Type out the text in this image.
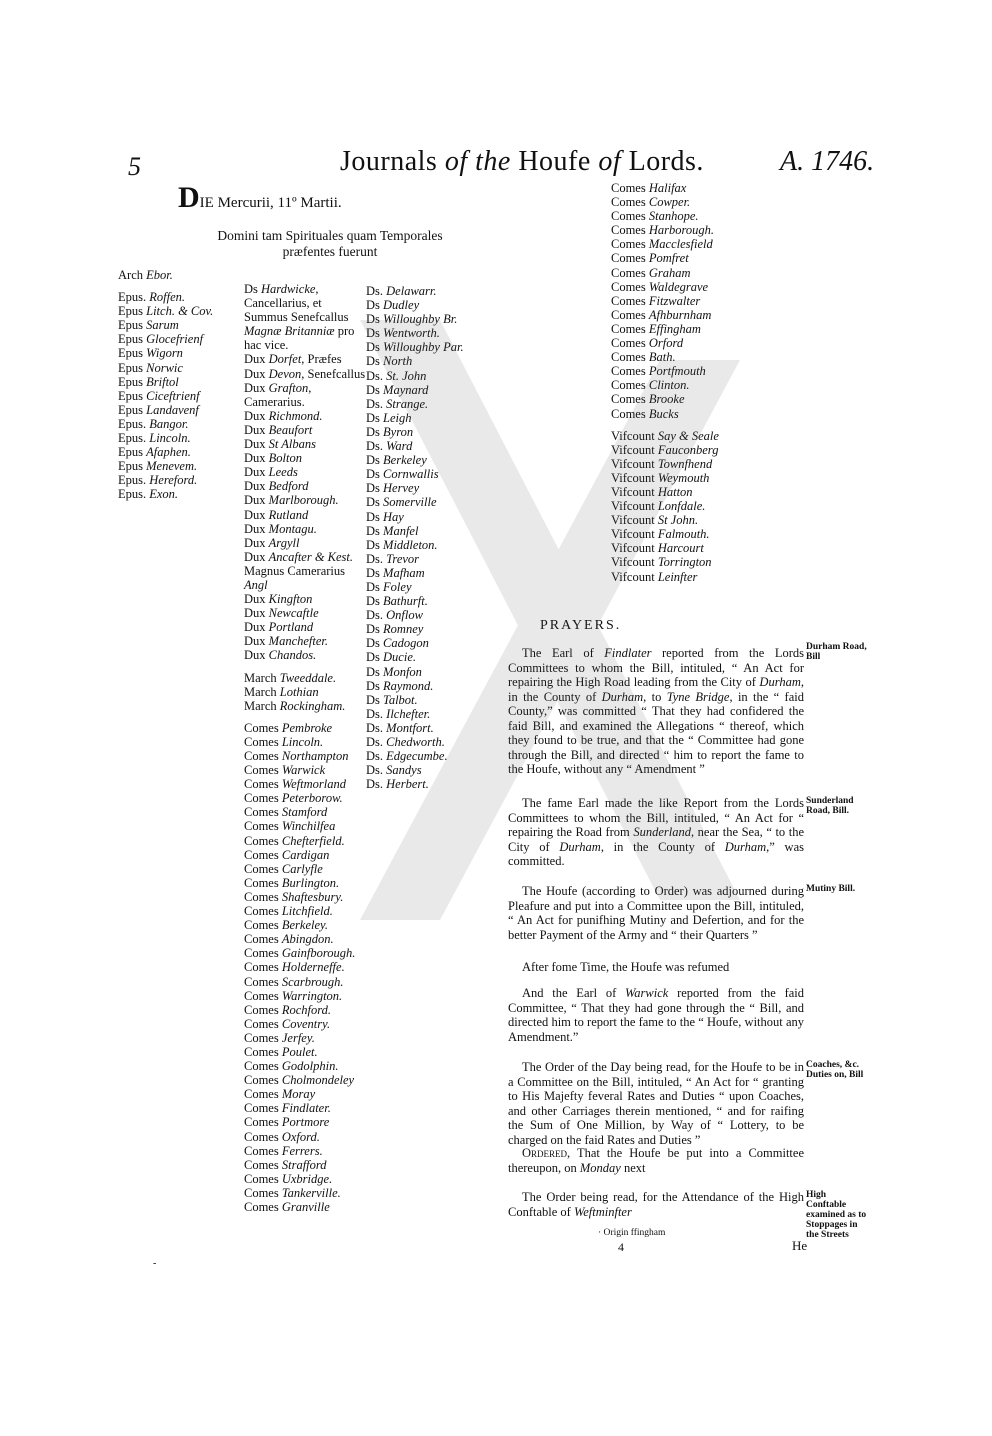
5	Journals of the Houfe of Lords.	A. 1746.
DIE Mercurii, 11º Martii.
Domini tam Spirituales quam Temporales præfentes fuerunt
Arch Ebor.
Epus. Roffen.
Epus Litch. & Cov.
Epus Sarum
Epus Glocefrienf
Epus Wigorn
Epus Norwic
Epus Briftol
Epus Ciceftrienf
Epus Landavenf
Epus. Bangor.
Epus. Lincoln.
Epus Afaphen.
Epus Menevem.
Epus. Hereford.
Epus. Exon.
Ds Hardwicke, Cancellarius, et Summus Senefcallus Magnæ Britanniæ pro hac vice.
Dux Dorfet, Præfes
Dux Devon, Senefcallus
Dux Grafton, Camerarius.
Dux Richmond.
Dux Beaufort
Dux St Albans
Dux Bolton
Dux Leeds
Dux Bedford
Dux Marlborough.
Dux Rutland
Dux Montagu.
Dux Argyll
Dux Ancafter & Kest. Magnus Camerarius Angl
Dux Kingfton
Dux Newcaftle
Dux Portland
Dux Manchefter.
Dux Chandos.
March Tweeddale.
March Lothian
March Rockingham.
Comes Pembroke
Comes Lincoln.
Comes Northampton
Comes Warwick
Comes Weftmorland
Comes Peterborow.
Comes Stamford
Comes Winchilfea
Comes Chefterfield.
Comes Cardigan
Comes Carlyfle
Comes Burlington.
Comes Shaftesbury.
Comes Litchfield.
Comes Berkeley.
Comes Abingdon.
Comes Gainfborough.
Comes Holderneffe.
Comes Scarbrough.
Comes Warrington.
Comes Rochford.
Comes Coventry.
Comes Jerfey.
Comes Poulet.
Comes Godolphin.
Comes Cholmondeley
Comes Moray
Comes Findlater.
Comes Portmore
Comes Oxford.
Comes Ferrers.
Comes Strafford
Comes Uxbridge.
Comes Tankerville.
Comes Granville
Ds. Delawarr.
Ds Dudley
Ds Willoughby Br.
Ds Wentworth.
Ds Willoughby Par.
Ds North
Ds. St. John
Ds Maynard
Ds. Strange.
Ds Leigh
Ds Byron
Ds. Ward
Ds Berkeley
Ds Cornwallis
Ds Hervey
Ds Somerville
Ds Hay
Ds Manfel
Ds Middleton.
Ds. Trevor
Ds Mafham
Ds Foley
Ds Bathurft.
Ds. Onflow
Ds Romney
Ds Cadogon
Ds Ducie.
Ds Monfon
Ds Raymond.
Ds Talbot.
Ds. Ilchefter.
Ds. Montfort.
Ds. Chedworth.
Ds. Edgecumbe.
Ds. Sandys
Ds. Herbert.
Comes Halifax
Comes Cowper.
Comes Stanhope.
Comes Harborough.
Comes Macclesfield
Comes Pomfret
Comes Graham
Comes Waldegrave
Comes Fitzwalter
Comes Afhburnham
Comes Effingham
Comes Orford
Comes Bath.
Comes Portfmouth
Comes Clinton.
Comes Brooke
Comes Bucks
Vifcount Say & Seale
Vifcount Fauconberg
Vifcount Townfhend
Vifcount Weymouth
Vifcount Hatton
Vifcount Lonfdale.
Vifcount St John.
Vifcount Falmouth.
Vifcount Harcourt
Vifcount Torrington
Vifcount Leinfter
PRAYERS.

The Earl of Findlater reported from the Lords Committees to whom the Bill, intituled, “ An Act for repairing the High Road leading from the City of Durham, in the County of Durham, to Tyne Bridge, in the “ faid County,” was committed “ That they had confidered the faid Bill, and examined the Allegations “ thereof, which they found to be true, and that the “ Committee had gone through the Bill, and directed “ him to report the fame to the Houfe, without any “ Amendment ”

The fame Earl made the like Report from the Lords Committees to whom the Bill, intituled, “ An Act for “ repairing the Road from Sunderland, near the Sea, “ to the City of Durham, in the County of Durham,” was committed.

The Houfe (according to Order) was adjourned during Pleafure and put into a Committee upon the Bill, intituled, “ An Act for punifhing Mutiny and Defertion, and for the better Payment of the Army and “ their Quarters ”

After fome Time, the Houfe was refumed

And the Earl of Warwick reported from the faid Committee, “ That they had gone through the “ Bill, and directed him to report the fame to the “ Houfe, without any Amendment.”

The Order of the Day being read, for the Houfe to be in a Committee on the Bill, intituled, “ An Act for “ granting to His Majefty feveral Rates and Duties “ upon Coaches, and other Carriages therein mentioned, “ and for raifing the Sum of One Million, by Way of “ Lottery, to be charged on the faid Rates and Duties ”

Ordered, That the Houfe be put into a Committee thereupon, on Monday next

The Order being read, for the Attendance of the High Conftable of Weftminfter

Durham Road, Bill
Sunderland Road, Bill.
Mutiny Bill.
Coaches, &c. Duties on, Bill
High Conftable examined as to Stoppages in the Streets
· Origin ffingham
4	He
-
